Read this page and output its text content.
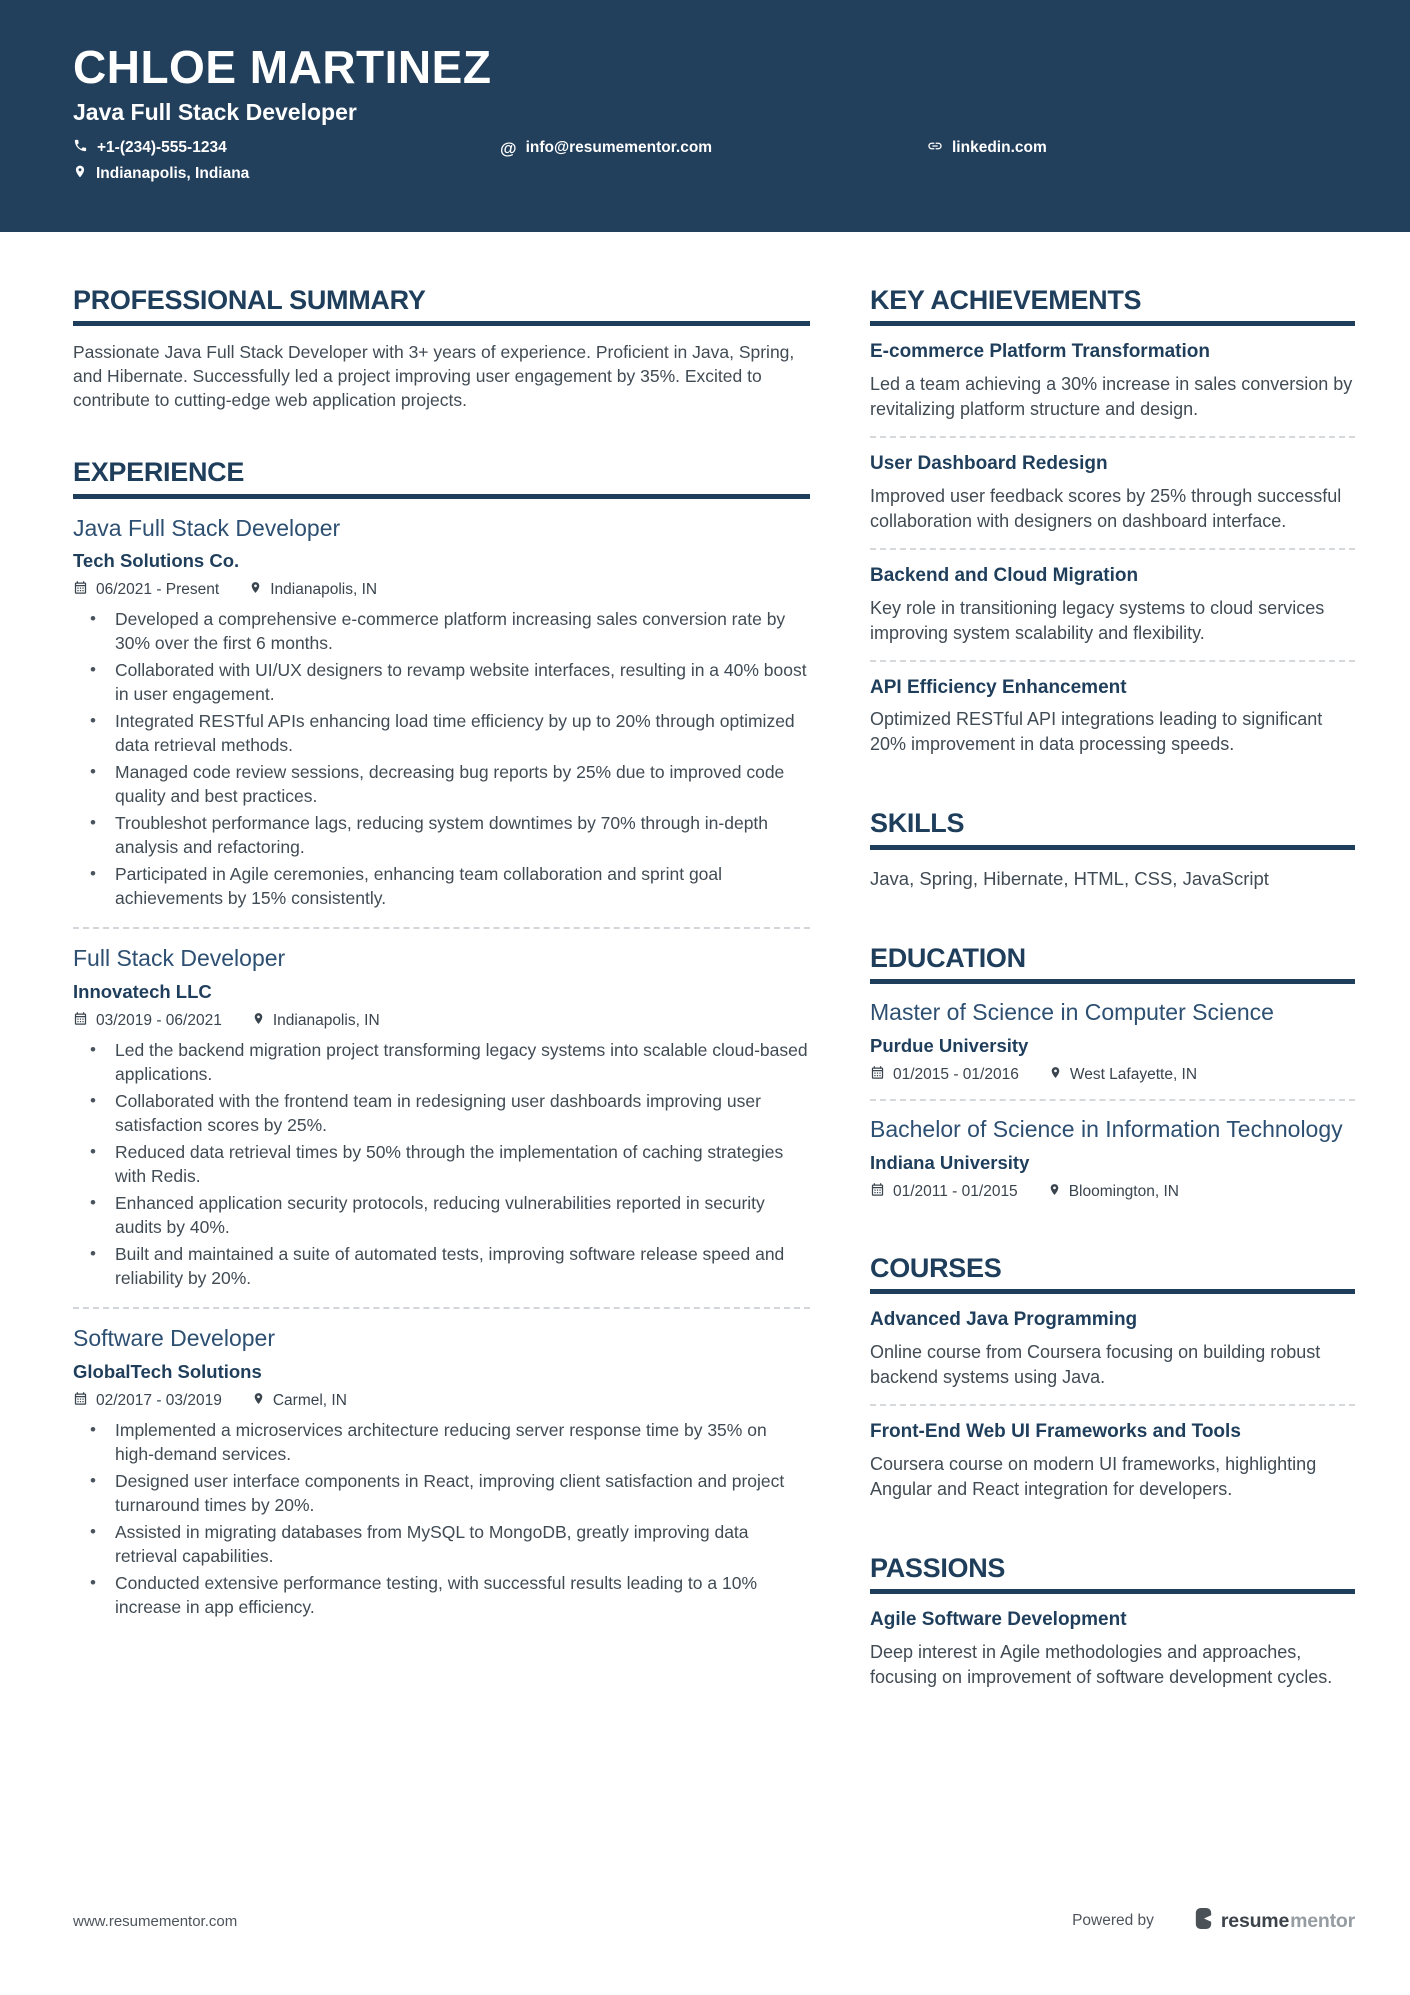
CHLOE MARTINEZ
Java Full Stack Developer
+1-(234)-555-1234	@ info@resumementor.com	linkedin.com
Indianapolis, Indiana
PROFESSIONAL SUMMARY

Passionate Java Full Stack Developer with 3+ years of experience. Proficient in Java, Spring, and Hibernate. Successfully led a project improving user engagement by 35%. Excited to contribute to cutting-edge web application projects.

EXPERIENCE
Java Full Stack Developer
Tech Solutions Co.
06/2021 - Present	Indianapolis, IN
• Developed a comprehensive e-commerce platform increasing sales conversion rate by 30% over the first 6 months.
• Collaborated with UI/UX designers to revamp website interfaces, resulting in a 40% boost in user engagement.
• Integrated RESTful APIs enhancing load time efficiency by up to 20% through optimized data retrieval methods.
• Managed code review sessions, decreasing bug reports by 25% due to improved code quality and best practices.
• Troubleshot performance lags, reducing system downtimes by 70% through in-depth analysis and refactoring.
• Participated in Agile ceremonies, enhancing team collaboration and sprint goal achievements by 15% consistently.
Full Stack Developer
Innovatech LLC
03/2019 - 06/2021	Indianapolis, IN
• Led the backend migration project transforming legacy systems into scalable cloud-based applications.
• Collaborated with the frontend team in redesigning user dashboards improving user satisfaction scores by 25%.
• Reduced data retrieval times by 50% through the implementation of caching strategies with Redis.
• Enhanced application security protocols, reducing vulnerabilities reported in security audits by 40%.
• Built and maintained a suite of automated tests, improving software release speed and reliability by 20%.
Software Developer
GlobalTech Solutions
02/2017 - 03/2019	Carmel, IN
• Implemented a microservices architecture reducing server response time by 35% on high-demand services.
• Designed user interface components in React, improving client satisfaction and project turnaround times by 20%.
• Assisted in migrating databases from MySQL to MongoDB, greatly improving data retrieval capabilities.
• Conducted extensive performance testing, with successful results leading to a 10% increase in app efficiency.
KEY ACHIEVEMENTS
E-commerce Platform Transformation

Led a team achieving a 30% increase in sales conversion by revitalizing platform structure and design.

User Dashboard Redesign

Improved user feedback scores by 25% through successful collaboration with designers on dashboard interface.

Backend and Cloud Migration

Key role in transitioning legacy systems to cloud services improving system scalability and flexibility.

API Efficiency Enhancement

Optimized RESTful API integrations leading to significant 20% improvement in data processing speeds.

SKILLS

Java, Spring, Hibernate, HTML, CSS, JavaScript

EDUCATION
Master of Science in Computer Science
Purdue University
01/2015 - 01/2016	West Lafayette, IN
Bachelor of Science in Information Technology
Indiana University
01/2011 - 01/2015	Bloomington, IN
COURSES
Advanced Java Programming

Online course from Coursera focusing on building robust backend systems using Java.

Front-End Web UI Frameworks and Tools

Coursera course on modern UI frameworks, highlighting Angular and React integration for developers.

PASSIONS
Agile Software Development

Deep interest in Agile methodologies and approaches, focusing on improvement of software development cycles.

www.resumementor.com	Powered by	resume mentor
